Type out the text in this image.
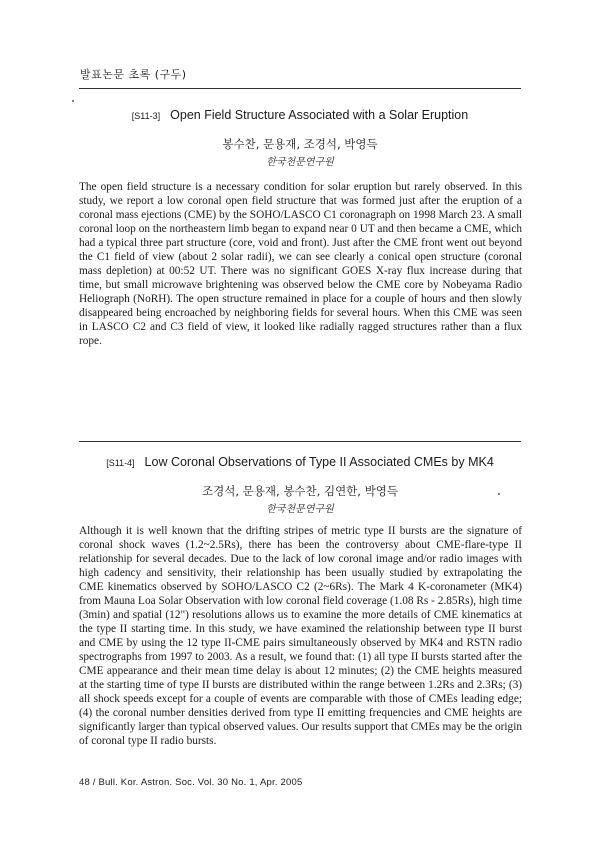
발표논문 초록 (구두)
[S11-3] Open Field Structure Associated with a Solar Eruption
봉수찬, 문용재, 조경석, 박영득
한국천문연구원

The open field structure is a necessary condition for solar eruption but rarely observed. In this study, we report a low coronal open field structure that was formed just after the eruption of a coronal mass ejections (CME) by the SOHO/LASCO C1 coronagraph on 1998 March 23. A small coronal loop on the northeastern limb began to expand near 0 UT and then became a CME, which had a typical three part structure (core, void and front). Just after the CME front went out beyond the C1 field of view (about 2 solar radii), we can see clearly a conical open structure (coronal mass depletion) at 00:52 UT. There was no significant GOES X-ray flux increase during that time, but small microwave brightening was observed below the CME core by Nobeyama Radio Heliograph (NoRH). The open structure remained in place for a couple of hours and then slowly disappeared being encroached by neighboring fields for several hours. When this CME was seen in LASCO C2 and C3 field of view, it looked like radially ragged structures rather than a flux rope.

[S11-4] Low Coronal Observations of Type II Associated CMEs by MK4
조경석, 문용재, 봉수찬, 김연한, 박영득
한국천문연구원

Although it is well known that the drifting stripes of metric type II bursts are the signature of coronal shock waves (1.2~2.5Rs), there has been the controversy about CME-flare-type II relationship for several decades. Due to the lack of low coronal image and/or radio images with high cadency and sensitivity, their relationship has been usually studied by extrapolating the CME kinematics observed by SOHO/LASCO C2 (2~6Rs). The Mark 4 K-coronameter (MK4) from Mauna Loa Solar Observation with low coronal field coverage (1.08 Rs - 2.85Rs), high time (3min) and spatial (12") resolutions allows us to examine the more details of CME kinematics at the type II starting time. In this study, we have examined the relationship between type II burst and CME by using the 12 type II-CME pairs simultaneously observed by MK4 and RSTN radio spectrographs from 1997 to 2003. As a result, we found that: (1) all type II bursts started after the CME appearance and their mean time delay is about 12 minutes; (2) the CME heights measured at the starting time of type II bursts are distributed within the range between 1.2Rs and 2.3Rs; (3) all shock speeds except for a couple of events are comparable with those of CMEs leading edge; (4) the coronal number densities derived from type II emitting frequencies and CME heights are significantly larger than typical observed values. Our results support that CMEs may be the origin of coronal type II radio bursts.

48 / Bull. Kor. Astron. Soc. Vol. 30 No. 1, Apr. 2005
